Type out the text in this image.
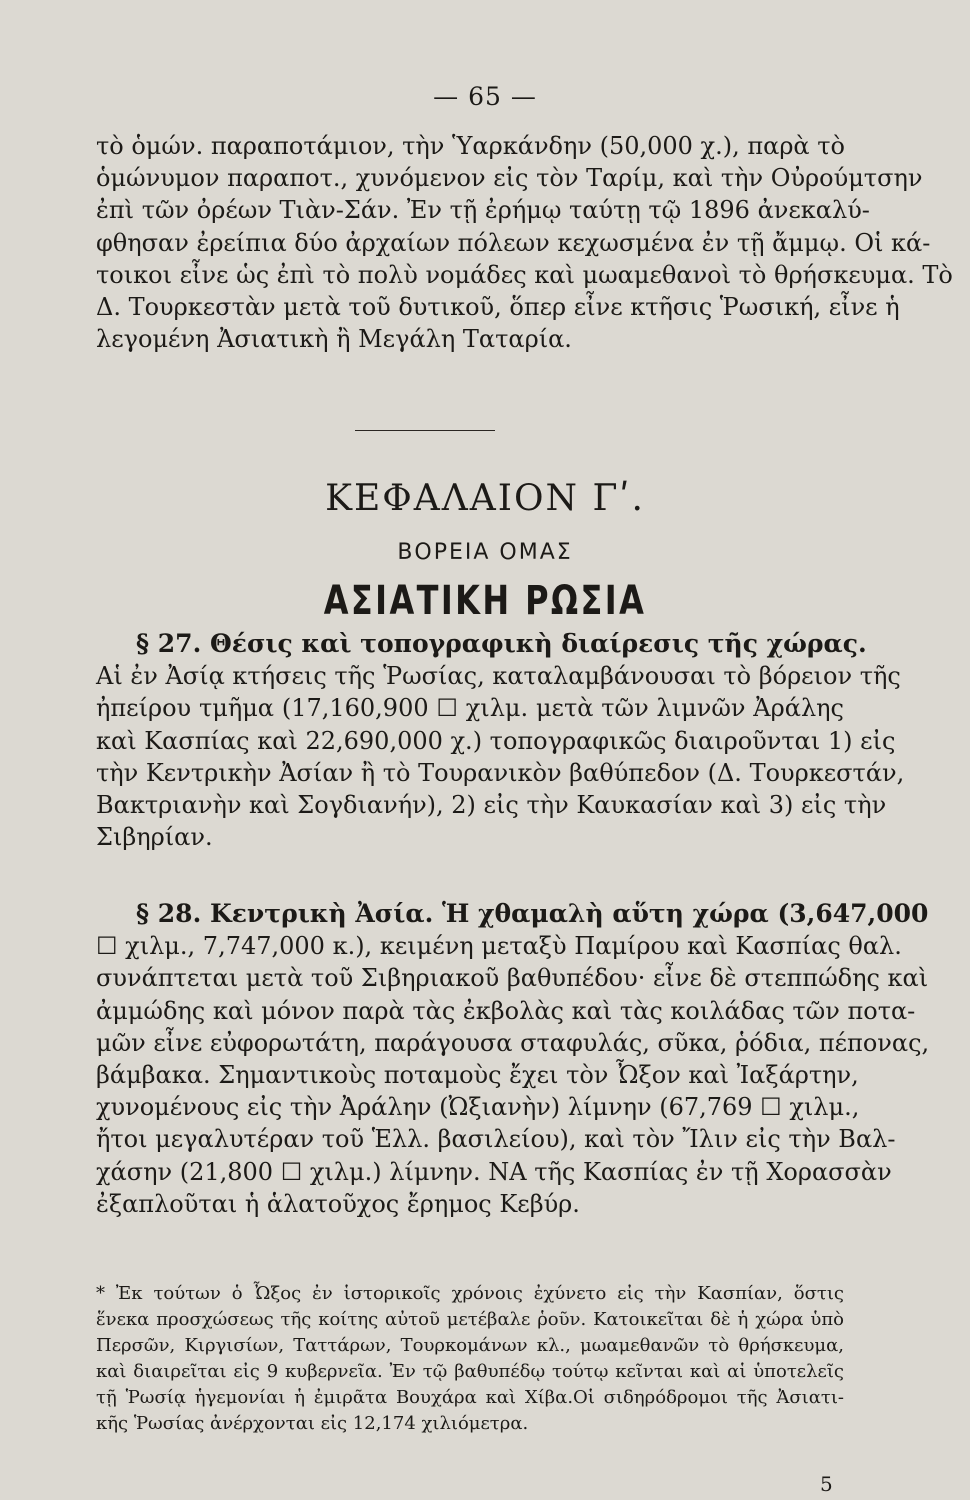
— 65 —
τὸ ὁμών. παραποτάμιον, τὴν Ὑαρκάνδην (50,000 χ.), παρὰ τὸ
ὁμώνυμον παραποτ., χυνόμενον εἰς τὸν Ταρίμ, καὶ τὴν Οὐρούμτσην
ἐπὶ τῶν ὀρέων Τιὰν-Σάν. Ἐν τῇ ἐρήμῳ ταύτῃ τῷ 1896 ἀνεκαλύ-
φθησαν ἐρείπια δύο ἀρχαίων πόλεων κεχωσμένα ἐν τῇ ἄμμῳ. Οἱ κά-
τοικοι εἶνε ὡς ἐπὶ τὸ πολὺ νομάδες καὶ μωαμεθανοὶ τὸ θρήσκευμα. Τὸ
Δ. Τουρκεστὰν μετὰ τοῦ δυτικοῦ, ὅπερ εἶνε κτῆσις Ῥωσική, εἶνε ἡ
λεγομένη Ἀσιατικὴ ἢ Μεγάλη Ταταρία.
ΚΕΦΑΛΑΙΟΝ Γʹ.
ΒΟΡΕΙΑ ΟΜΑΣ
ΑΣΙΑΤΙΚΗ ΡΩΣΙΑ
§ 27. Θέσις καὶ τοπογραφικὴ διαίρεσις τῆς χώρας.
Αἱ ἐν Ἀσίᾳ κτήσεις τῆς Ῥωσίας, καταλαμβάνουσαι τὸ βόρειον τῆς
ἠπείρου τμῆμα (17,160,900 ☐ χιλμ. μετὰ τῶν λιμνῶν Ἀράλης
καὶ Κασπίας καὶ 22,690,000 χ.) τοπογραφικῶς διαιροῦνται 1) εἰς
τὴν Κεντρικὴν Ἀσίαν ἢ τὸ Τουρανικὸν βαθύπεδον (Δ. Τουρκεστάν,
Βακτριανὴν καὶ Σογδιανήν), 2) εἰς τὴν Καυκασίαν καὶ 3) εἰς τὴν
Σιβηρίαν.
§ 28. Κεντρικὴ Ἀσία. Ἡ χθαμαλὴ αὕτη χώρα (3,647,000
☐ χιλμ., 7,747,000 κ.), κειμένη μεταξὺ Παμίρου καὶ Κασπίας θαλ.
συνάπτεται μετὰ τοῦ Σιβηριακοῦ βαθυπέδου· εἶνε δὲ στεππώδης καὶ
ἀμμώδης καὶ μόνον παρὰ τὰς ἐκβολὰς καὶ τὰς κοιλάδας τῶν ποτα-
μῶν εἶνε εὐφορωτάτη, παράγουσα σταφυλάς, σῦκα, ῥόδια, πέπονας,
βάμβακα. Σημαντικοὺς ποταμοὺς ἔχει τὸν Ὦξον καὶ Ἰαξάρτην,
χυνομένους εἰς τὴν Ἀράλην (Ὠξιανὴν) λίμνην (67,769 ☐ χιλμ.,
ἤτοι μεγαλυτέραν τοῦ Ἑλλ. βασιλείου), καὶ τὸν Ἴλιν εἰς τὴν Βαλ-
χάσην (21,800 ☐ χιλμ.) λίμνην. ΝΑ τῆς Κασπίας ἐν τῇ Χορασσὰν
ἐξαπλοῦται ἡ ἁλατοῦχος ἔρημος Κεβύρ.
* Ἐκ τούτων ὁ Ὦξος ἐν ἱστορικοῖς χρόνοις ἐχύνετο εἰς τὴν Κασπίαν, ὅστις
ἕνεκα προσχώσεως τῆς κοίτης αὐτοῦ μετέβαλε ῥοῦν. Κατοικεῖται δὲ ἡ χώρα ὑπὸ
Περσῶν, Κιργισίων, Ταττάρων, Τουρκομάνων κλ., μωαμεθανῶν τὸ θρήσκευμα,
καὶ διαιρεῖται εἰς 9 κυβερνεῖα. Ἐν τῷ βαθυπέδῳ τούτῳ κεῖνται καὶ αἱ ὑποτελεῖς
τῇ Ῥωσίᾳ ἡγεμονίαι ἡ ἐμιρᾶτα Βουχάρα καὶ Χίβα.Οἱ σιδηρόδρομοι τῆς Ἀσιατι-
κῆς Ῥωσίας ἀνέρχονται εἰς 12,174 χιλιόμετρα.
5
